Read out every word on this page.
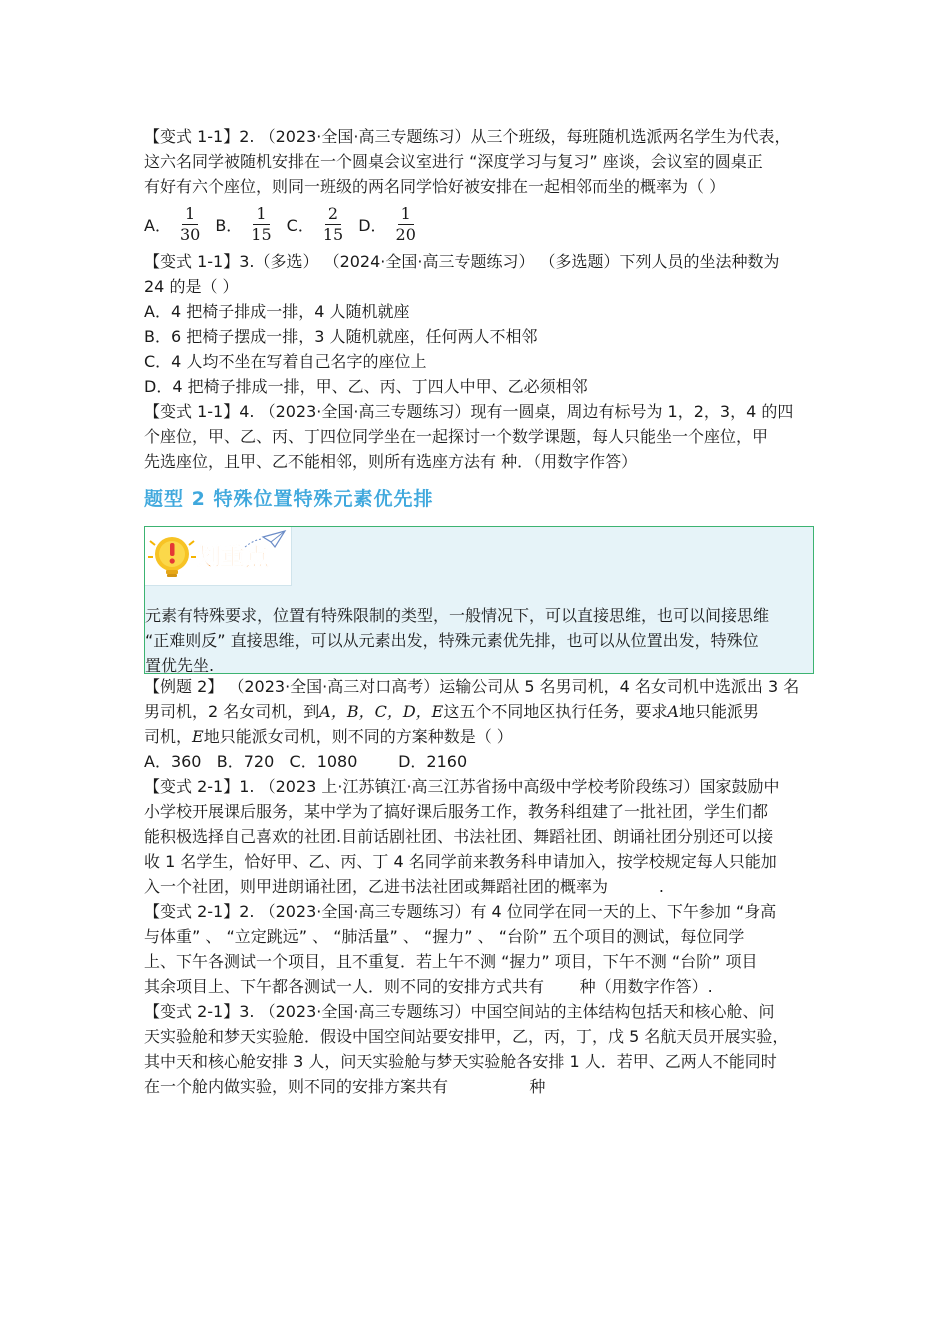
【变式 1-1】2. （2023·全国·高三专题练习）从三个班级，每班随机选派两名学生为代表，

这六名同学被随机安排在一个圆桌会议室进行 “深度学习与复习” 座谈，会议室的圆桌正

有好有六个座位，则同一班级的两名同学恰好被安排在一起相邻而坐的概率为（ ）

A． $\frac{1}{30}$ B． $\frac{1}{15}$ C． $\frac{2}{15}$ D． $\frac{1}{20}$

【变式 1-1】3.（多选） （2024·全国·高三专题练习） （多选题）下列人员的坐法种数为

24 的是（ ）

A．4 把椅子排成一排，4 人随机就座

B．6 把椅子摆成一排，3 人随机就座，任何两人不相邻

C．4 人均不坐在写着自己名字的座位上

D．4 把椅子排成一排，甲、乙、丙、丁四人中甲、乙必须相邻

【变式 1-1】4. （2023·全国·高三专题练习）现有一圆桌，周边有标号为 1，2，3，4 的四

个座位，甲、乙、丙、丁四位同学坐在一起探讨一个数学课题，每人只能坐一个座位，甲

先选座位，且甲、乙不能相邻，则所有选座方法有 种．（用数字作答）

题型 2 特殊位置特殊元素优先排
划重点

元素有特殊要求，位置有特殊限制的类型，一般情况下，可以直接思维，也可以间接思维

“正难则反” 直接思维，可以从元素出发，特殊元素优先排，也可以从位置出发，特殊位

置优先坐.

【例题 2】 （2023·全国·高三对口高考）运输公司从 5 名男司机，4 名女司机中选派出 3 名

男司机，2 名女司机，到A，B，C，D，E这五个不同地区执行任务，要求A地只能派男

司机，E地只能派女司机，则不同的方案种数是（ ）

A．360   B．720   C．1080        D．2160

【变式 2-1】1. （2023 上·江苏镇江·高三江苏省扬中高级中学校考阶段练习）国家鼓励中

小学校开展课后服务，某中学为了搞好课后服务工作，教务科组建了一批社团，学生们都

能积极选择自己喜欢的社团.目前话剧社团、书法社团、舞蹈社团、朗诵社团分别还可以接

收 1 名学生，恰好甲、乙、丙、丁 4 名同学前来教务科申请加入，按学校规定每人只能加

入一个社团，则甲进朗诵社团，乙进书法社团或舞蹈社团的概率为          .

【变式 2-1】2. （2023·全国·高三专题练习）有 4 位同学在同一天的上、下午参加 “身高

与体重” 、 “立定跳远” 、 “肺活量” 、 “握力” 、 “台阶” 五个项目的测试，每位同学

上、下午各测试一个项目，且不重复．若上午不测 “握力” 项目，下午不测 “台阶” 项目

其余项目上、下午都各测试一人．则不同的安排方式共有       种（用数字作答）.

【变式 2-1】3. （2023·全国·高三专题练习）中国空间站的主体结构包括天和核心舱、问

天实验舱和梦天实验舱．假设中国空间站要安排甲，乙，丙，丁，戊 5 名航天员开展实验，

其中天和核心舱安排 3 人，问天实验舱与梦天实验舱各安排 1 人．若甲、乙两人不能同时

在一个舱内做实验，则不同的安排方案共有                种
